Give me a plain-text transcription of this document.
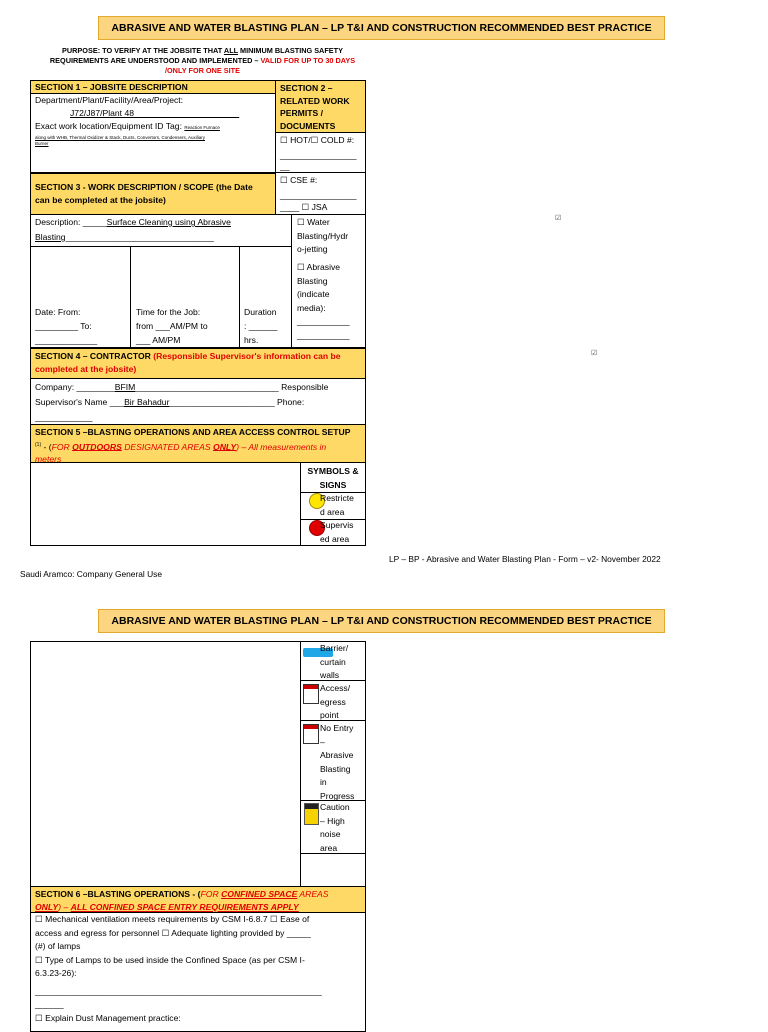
ABRASIVE AND WATER BLASTING PLAN – LP T&I AND CONSTRUCTION RECOMMENDED BEST PRACTICE
PURPOSE: TO VERIFY AT THE JOBSITE THAT ALL MINIMUM BLASTING SAFETY
REQUIREMENTS ARE UNDERSTOOD AND IMPLEMENTED – VALID FOR UP TO 30 DAYS
/ONLY FOR ONE SITE
SECTION 1 – JOBSITE DESCRIPTION
Department/Plant/Facility/Area/Project:
J72/J87/Plant 48______________________
Exact work location/Equipment ID Tag: Reaction Furnace
along with WHB, Thermal Oxidizer & Stack, Ducts, Convertors, Condensers, Auxiliary
Burner
SECTION 2 –
RELATED WORK
PERMITS /
DOCUMENTS
☐ HOT/☐ COLD #:
________________
__
☐ CSE #:
________________
____ ☐ JSA
SECTION 3 - WORK DESCRIPTION / SCOPE (the Date
can be completed at the jobsite)
Description: _____Surface Cleaning using Abrasive
Blasting_______________________________
Date: From:
_________ To:
_____________
Time for the Job:
from ___AM/PM to
___ AM/PM
Duration
: ______
hrs.
☐ Water
Blasting/Hydr
o-jetting
☐ Abrasive
Blasting
(indicate
media):
___________
___________
SECTION 4 – CONTRACTOR (Responsible Supervisor's information can be
completed at the jobsite)
Company: ________BFIM______________________________ Responsible
Supervisor's Name ___Bir Bahadur______________________ Phone:
____________
SECTION 5 –BLASTING OPERATIONS AND AREA ACCESS CONTROL SETUP
$^{(1)}$ - (FOR OUTDOORS DESIGNATED AREAS ONLY) – All measurements in
meters
SYMBOLS &
SIGNS
Restricte
d area
Supervis
ed area
☑
☑
LP – BP - Abrasive and Water Blasting Plan - Form – v2- November 2022
Saudi Aramco: Company General Use
ABRASIVE AND WATER BLASTING PLAN – LP T&I AND CONSTRUCTION RECOMMENDED BEST PRACTICE
Barrier/
curtain
walls
Access/
egress
point
No Entry
–
Abrasive
Blasting
in
Progress
Caution
– High
noise
area
SECTION 6 –BLASTING OPERATIONS - (FOR CONFINED SPACE AREAS
ONLY) – ALL CONFINED SPACE ENTRY REQUIREMENTS APPLY
☐ Mechanical ventilation meets requirements by CSM I-6.8.7 ☐ Ease of
access and egress for personnel ☐ Adequate lighting provided by _____
(#) of lamps
☐ Type of Lamps to be used inside the Confined Space (as per CSM I-
6.3.23-26):
____________________________________________________________
______
☐ Explain Dust Management practice:
